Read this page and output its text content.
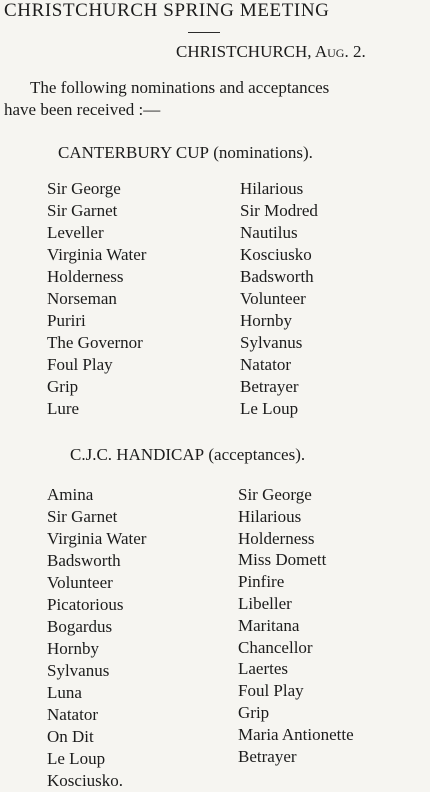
CHRISTCHURCH SPRING MEETING
CHRISTCHURCH, Aug. 2.
The following nominations and acceptances
have been received :—
CANTERBURY CUP (nominations).
Sir George
Sir Garnet
Leveller
Virginia Water
Holderness
Norseman
Puriri
The Governor
Foul Play
Grip
Lure
Hilarious
Sir Modred
Nautilus
Kosciusko
Badsworth
Volunteer
Hornby
Sylvanus
Natator
Betrayer
Le Loup
C.J.C. HANDICAP (acceptances).
Amina
Sir Garnet
Virginia Water
Badsworth
Volunteer
Picatorious
Bogardus
Hornby
Sylvanus
Luna
Natator
On Dit
Le Loup
Sir George
Hilarious
Holderness
Miss Domett
Pinfire
Libeller
Maritana
Chancellor
Laertes
Foul Play
Grip
Maria Antionette
Betrayer
Kosciusko.
